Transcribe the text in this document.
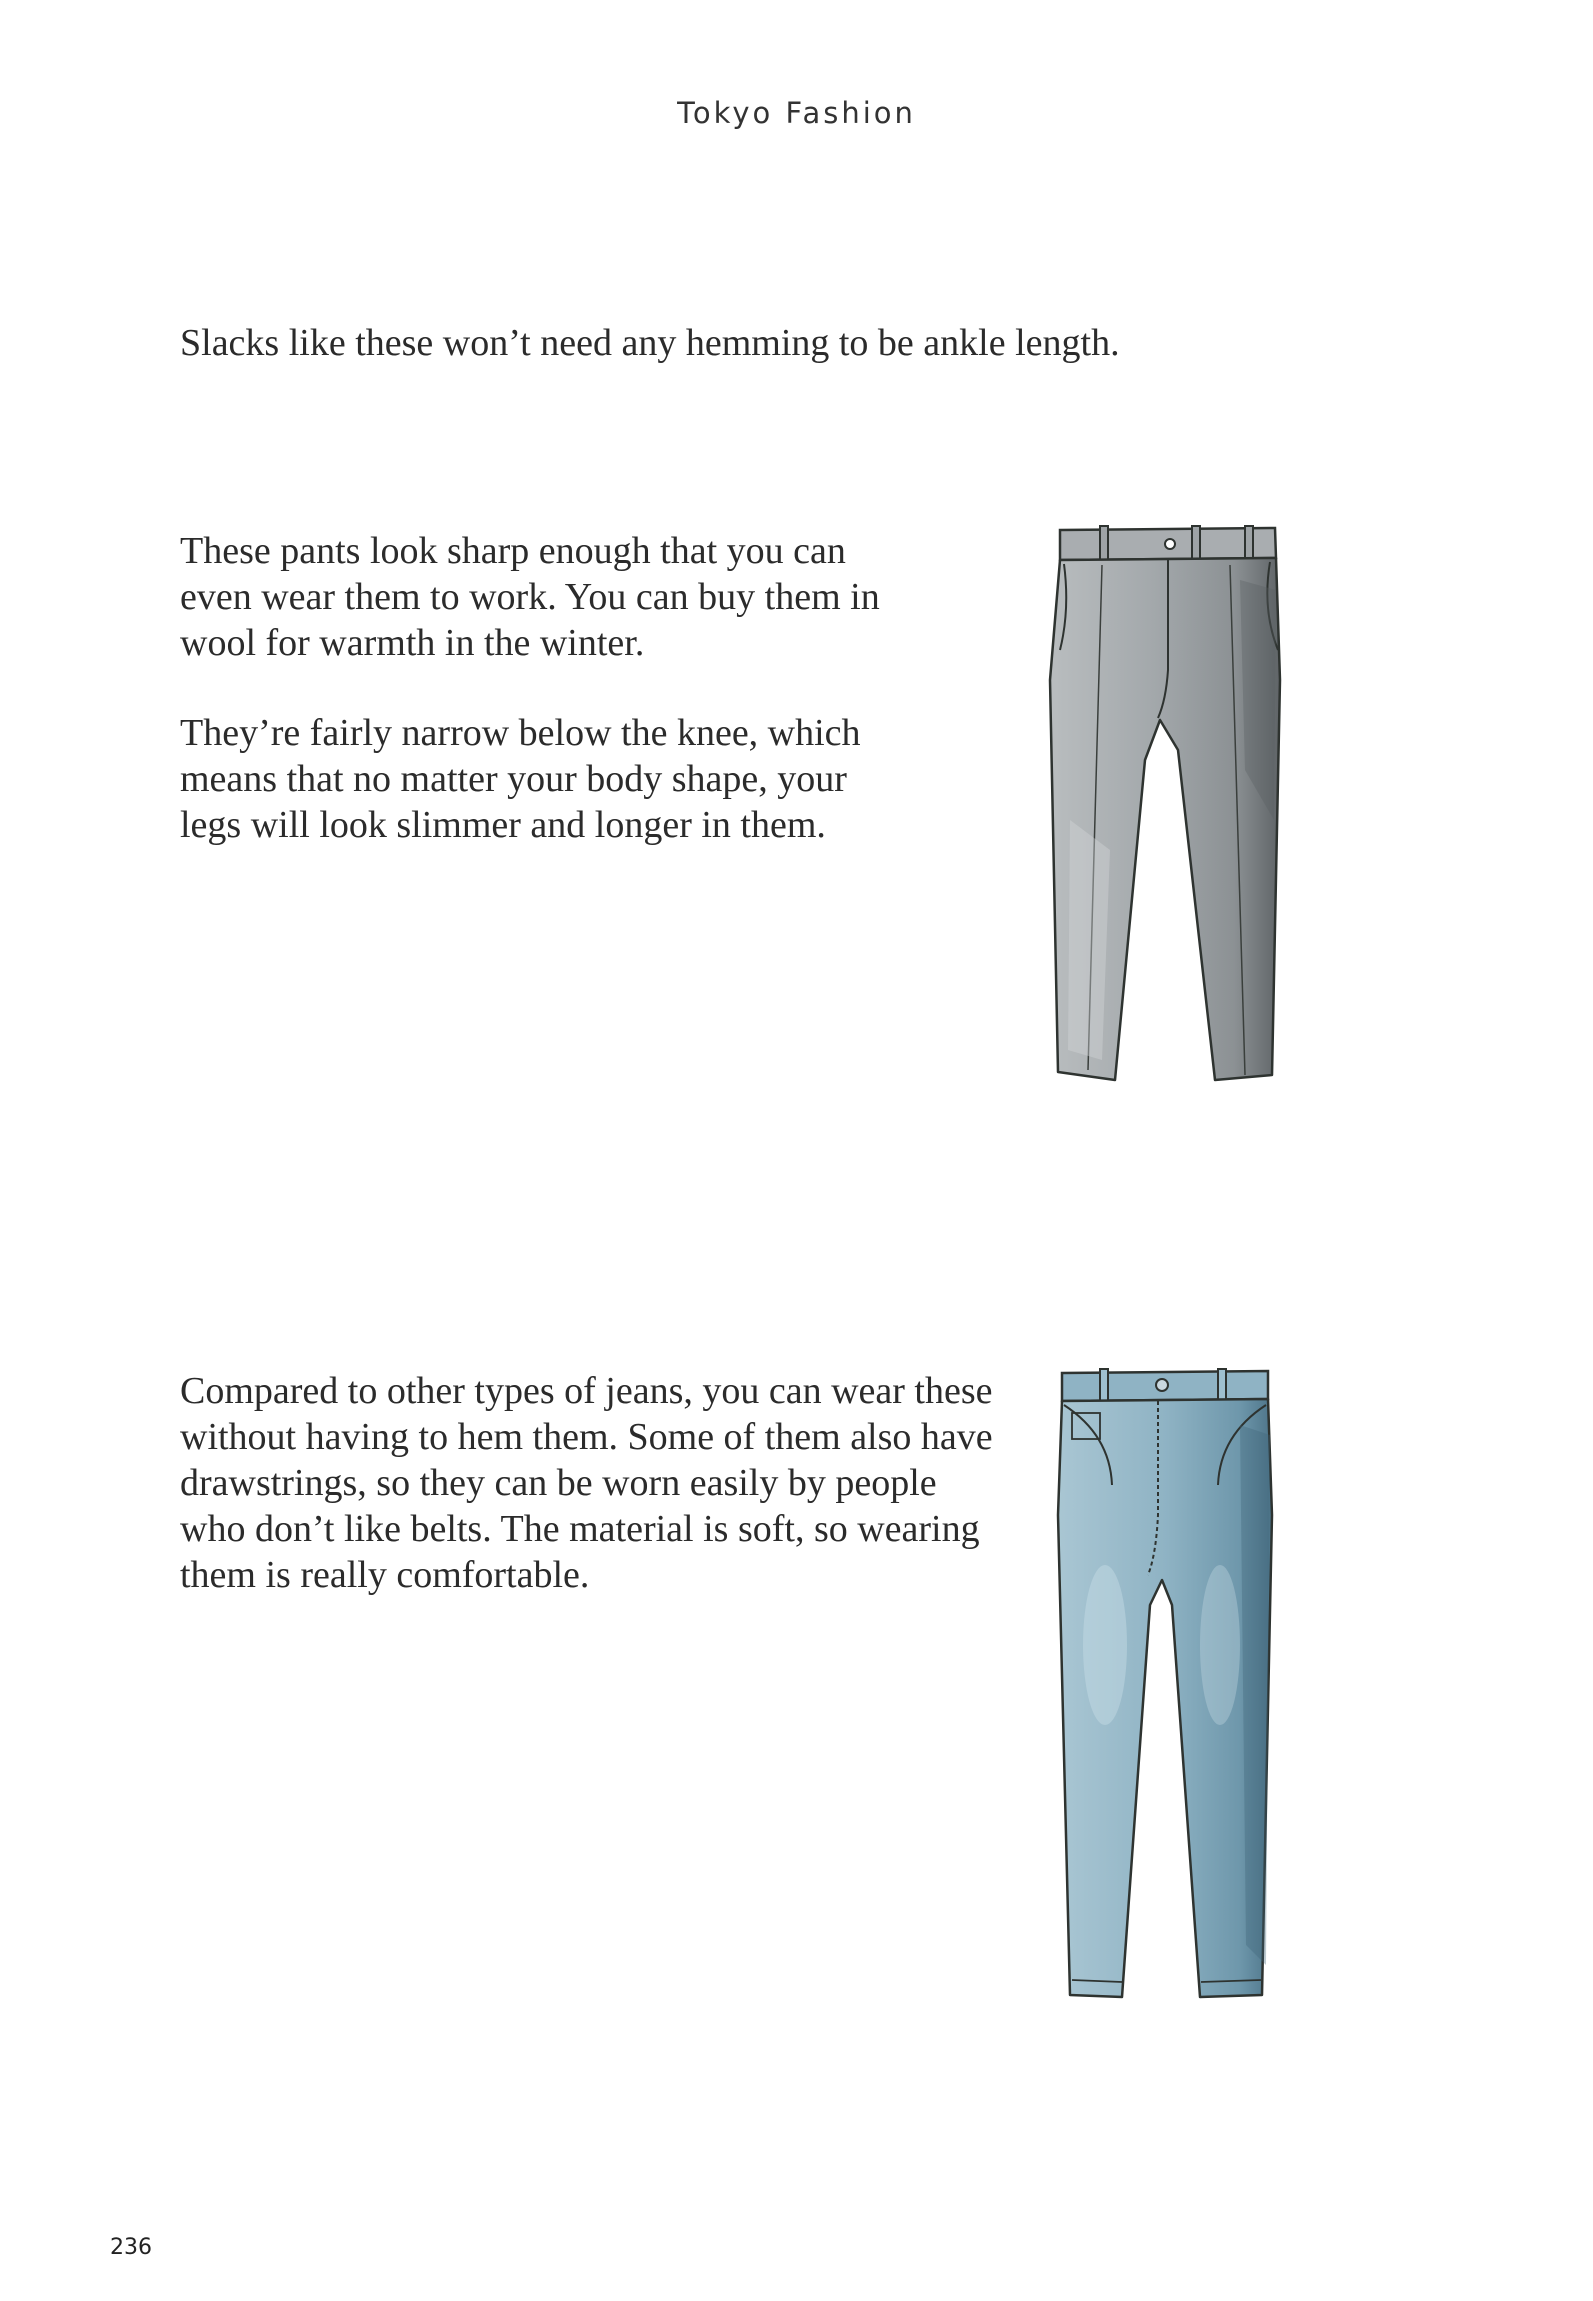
Tokyo Fashion
Slacks like these won’t need any hemming to be ankle length.

These pants look sharp enough that you can even wear them to work. You can buy them in wool for warmth in the winter.

They’re fairly narrow below the knee, which means that no matter your body shape, your legs will look slimmer and longer in them.

Compared to other types of jeans, you can wear these without having to hem them. Some of them also have drawstrings, so they can be worn easily by people who don’t like belts. The material is soft, so wearing them is really comfortable.

236
